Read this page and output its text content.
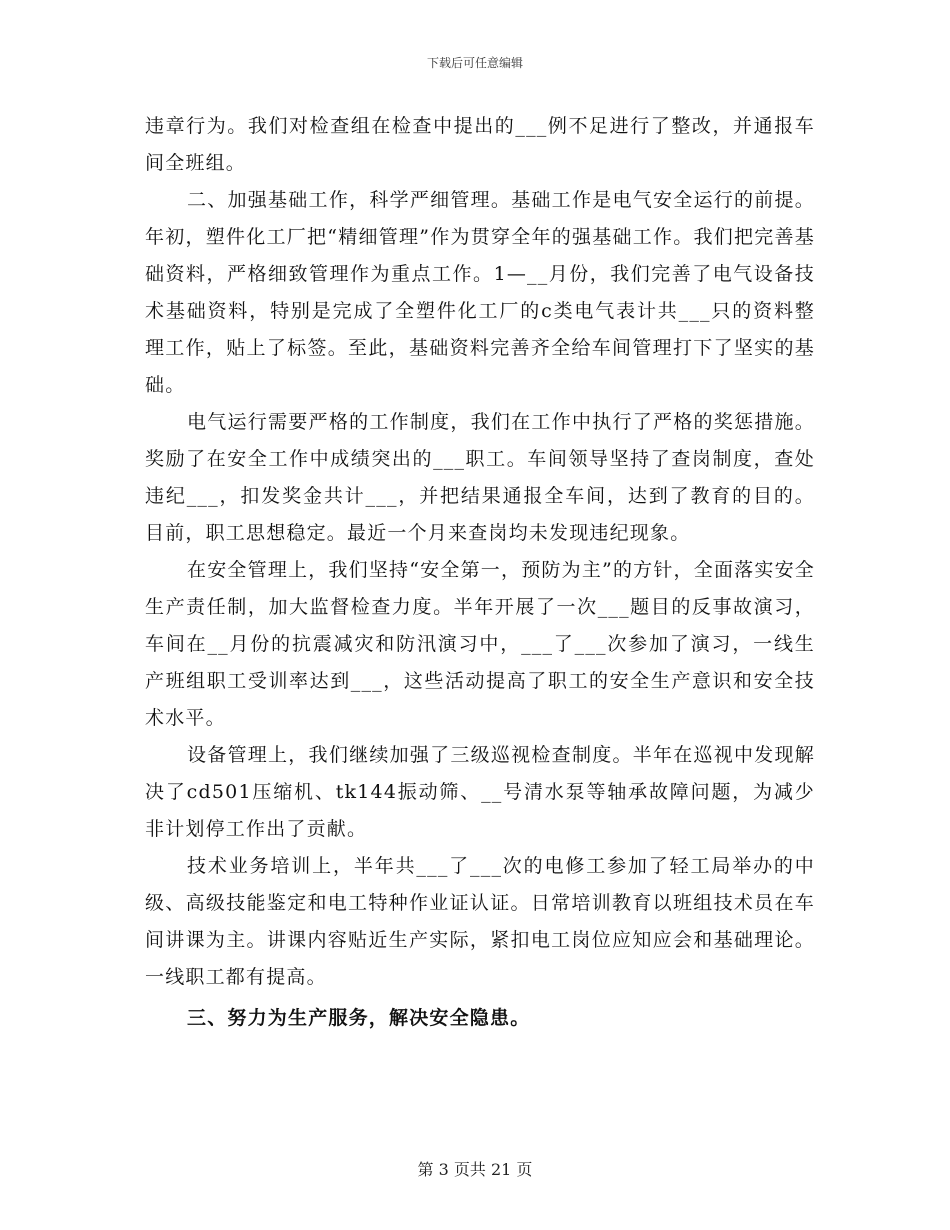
下载后可任意编辑

违章行为。我们对检查组在检查中提出的___例不足进行了整改，并通报车间全班组。

二、加强基础工作，科学严细管理。基础工作是电气安全运行的前提。年初，塑件化工厂把“精细管理”作为贯穿全年的强基础工作。我们把完善基础资料，严格细致管理作为重点工作。1—__月份，我们完善了电气设备技术基础资料，特别是完成了全塑件化工厂的c类电气表计共___只的资料整理工作，贴上了标签。至此，基础资料完善齐全给车间管理打下了坚实的基础。

电气运行需要严格的工作制度，我们在工作中执行了严格的奖惩措施。奖励了在安全工作中成绩突出的___职工。车间领导坚持了查岗制度，查处违纪___，扣发奖金共计___，并把结果通报全车间，达到了教育的目的。目前，职工思想稳定。最近一个月来查岗均未发现违纪现象。

在安全管理上，我们坚持“安全第一，预防为主”的方针，全面落实安全生产责任制，加大监督检查力度。半年开展了一次___题目的反事故演习，车间在__月份的抗震减灾和防汛演习中，___了___次参加了演习，一线生产班组职工受训率达到___，这些活动提高了职工的安全生产意识和安全技术水平。

设备管理上，我们继续加强了三级巡视检查制度。半年在巡视中发现解决了cd501压缩机、tk144振动筛、__号清水泵等轴承故障问题，为减少非计划停工作出了贡献。

技术业务培训上，半年共___了___次的电修工参加了轻工局举办的中级、高级技能鉴定和电工特种作业证认证。日常培训教育以班组技术员在车间讲课为主。讲课内容贴近生产实际，紧扣电工岗位应知应会和基础理论。一线职工都有提高。

三、努力为生产服务，解决安全隐患。

第 3 页共 21 页
